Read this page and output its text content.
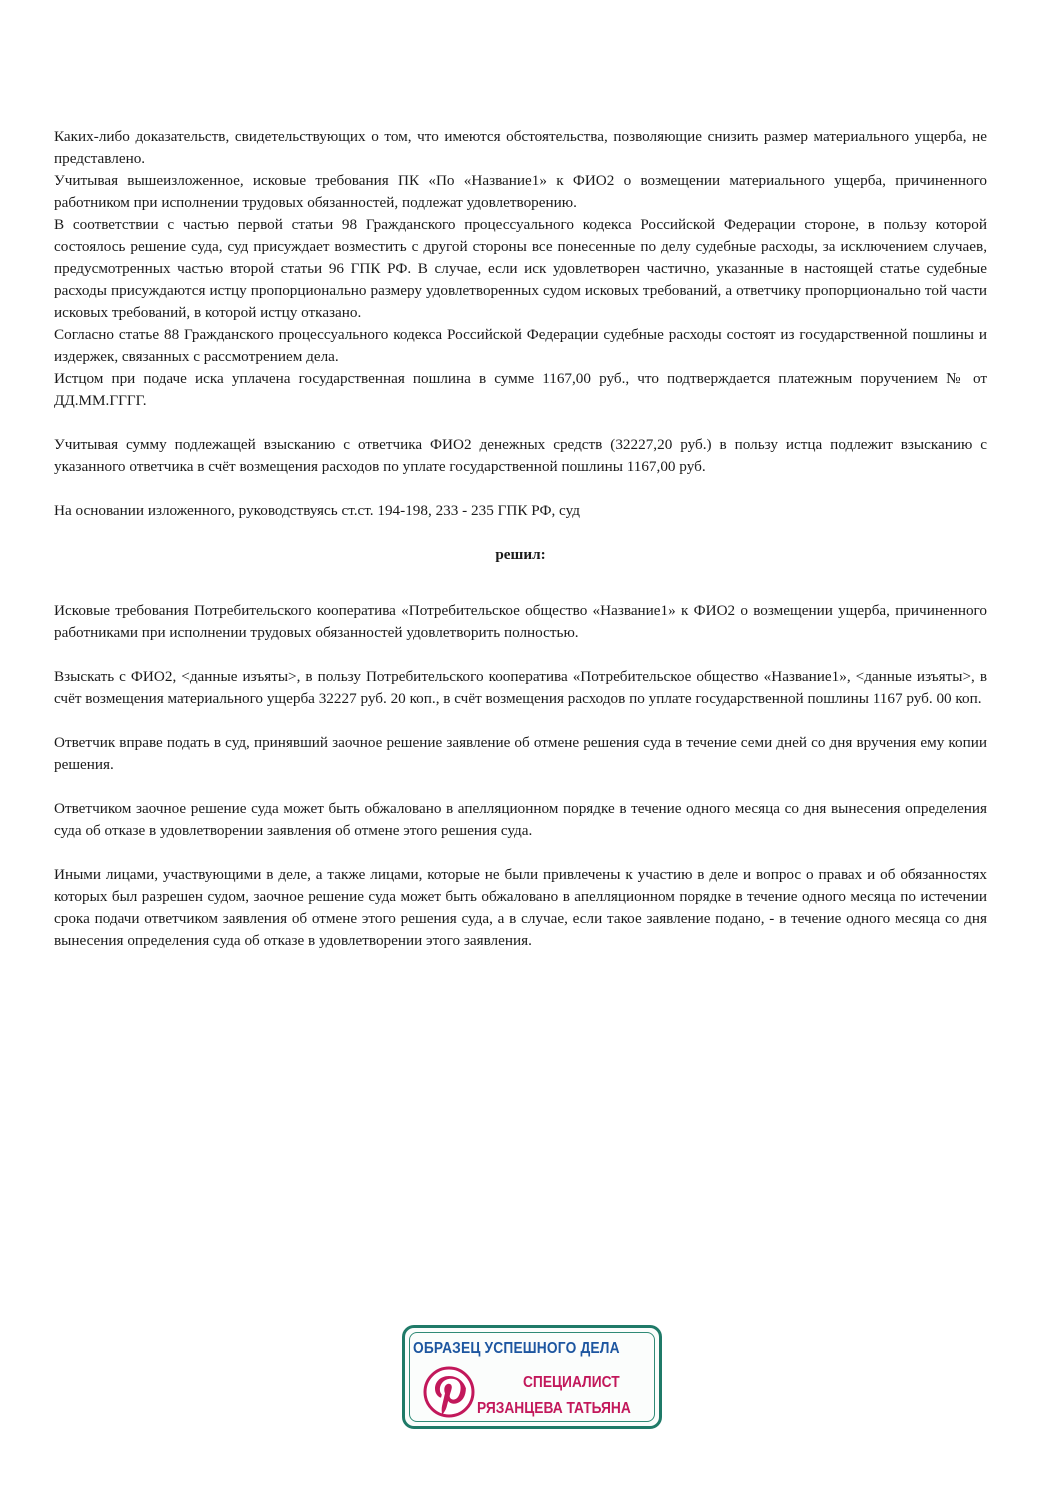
Каких-либо доказательств, свидетельствующих о том, что имеются обстоятельства, позволяющие снизить размер материального ущерба, не представлено.

Учитывая вышеизложенное, исковые требования ПК «По «Название1» к ФИО2 о возмещении материального ущерба, причиненного работником при исполнении трудовых обязанностей, подлежат удовлетворению.

В соответствии с частью первой статьи 98 Гражданского процессуального кодекса Российской Федерации стороне, в пользу которой состоялось решение суда, суд присуждает возместить с другой стороны все понесенные по делу судебные расходы, за исключением случаев, предусмотренных частью второй статьи 96 ГПК РФ. В случае, если иск удовлетворен частично, указанные в настоящей статье судебные расходы присуждаются истцу пропорционально размеру удовлетворенных судом исковых требований, а ответчику пропорционально той части исковых требований, в которой истцу отказано.

Согласно статье 88 Гражданского процессуального кодекса Российской Федерации судебные расходы состоят из государственной пошлины и издержек, связанных с рассмотрением дела.

Истцом при подаче иска уплачена государственная пошлина в сумме 1167,00 руб., что подтверждается платежным поручением № от ДД.ММ.ГГГГ.

Учитывая сумму подлежащей взысканию с ответчика ФИО2 денежных средств (32227,20 руб.) в пользу истца подлежит взысканию с указанного ответчика в счёт возмещения расходов по уплате государственной пошлины 1167,00 руб.

На основании изложенного, руководствуясь ст.ст. 194-198, 233 - 235 ГПК РФ, суд

решил:

Исковые требования Потребительского кооператива «Потребительское общество «Название1» к ФИО2 о возмещении ущерба, причиненного работниками при исполнении трудовых обязанностей удовлетворить полностью.

Взыскать с ФИО2, <данные изъяты>, в пользу Потребительского кооператива «Потребительское общество «Название1», <данные изъяты>, в счёт возмещения материального ущерба 32227 руб. 20 коп., в счёт возмещения расходов по уплате государственной пошлины 1167 руб. 00 коп.

Ответчик вправе подать в суд, принявший заочное решение заявление об отмене решения суда в течение семи дней со дня вручения ему копии решения.

Ответчиком заочное решение суда может быть обжаловано в апелляционном порядке в течение одного месяца со дня вынесения определения суда об отказе в удовлетворении заявления об отмене этого решения суда.

Иными лицами, участвующими в деле, а также лицами, которые не были привлечены к участию в деле и вопрос о правах и об обязанностях которых был разрешен судом, заочное решение суда может быть обжаловано в апелляционном порядке в течение одного месяца по истечении срока подачи ответчиком заявления об отмене этого решения суда, а в случае, если такое заявление подано, - в течение одного месяца со дня вынесения определения суда об отказе в удовлетворении этого заявления.

ОБРАЗЕЦ УСПЕШНОГО ДЕЛА
СПЕЦИАЛИСТ
РЯЗАНЦЕВА ТАТЬЯНА
